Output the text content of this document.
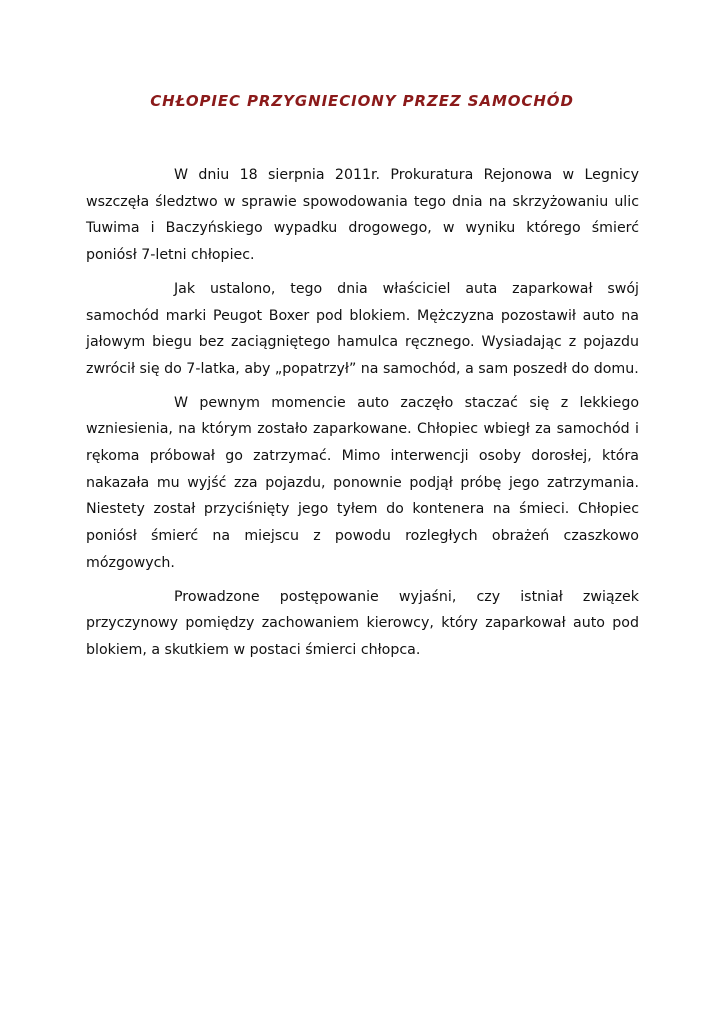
CHŁOPIEC PRZYGNIECIONY PRZEZ SAMOCHÓD

W dniu 18 sierpnia 2011r. Prokuratura Rejonowa w Legnicy wszczęła śledztwo w sprawie spowodowania tego dnia na skrzyżowaniu ulic Tuwima i Baczyńskiego wypadku drogowego, w wyniku którego śmierć poniósł 7-letni chłopiec.

Jak ustalono, tego dnia właściciel auta zaparkował swój samochód marki Peugot Boxer pod blokiem. Mężczyzna pozostawił auto na jałowym biegu bez zaciągniętego hamulca ręcznego. Wysiadając z pojazdu zwrócił się do 7-latka, aby „popatrzył” na samochód, a sam poszedł do domu.

W pewnym momencie auto zaczęło staczać się z lekkiego wzniesienia, na którym zostało zaparkowane. Chłopiec wbiegł za samochód i rękoma próbował go zatrzymać. Mimo interwencji osoby dorosłej, która nakazała mu wyjść zza pojazdu, ponownie podjął próbę jego zatrzymania. Niestety został przyciśnięty jego tyłem do kontenera na śmieci. Chłopiec poniósł śmierć na miejscu z powodu rozległych obrażeń czaszkowo mózgowych.

Prowadzone postępowanie wyjaśni, czy istniał związek przyczynowy pomiędzy zachowaniem kierowcy, który zaparkował auto pod blokiem, a skutkiem w postaci śmierci chłopca.
